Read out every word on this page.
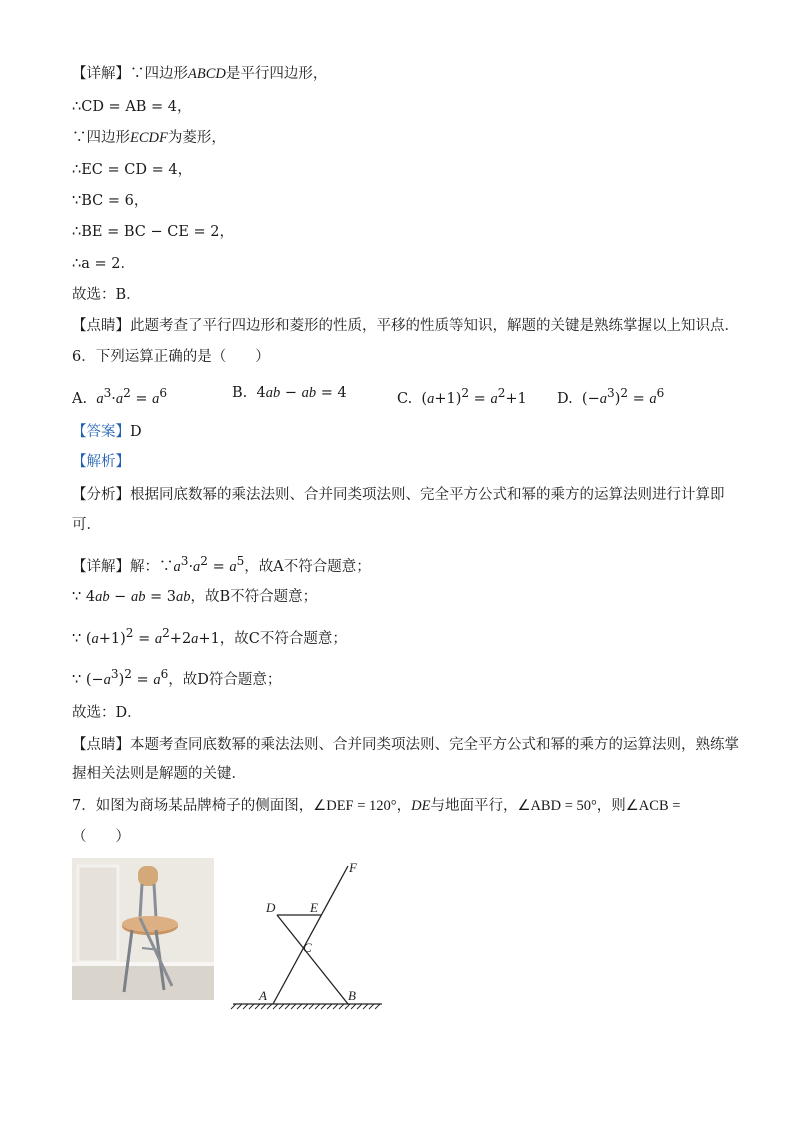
【详解】∵四边形ABCD是平行四边形，
∴CD = AB = 4，
∵四边形ECDF为菱形，
∴EC = CD = 4，
∵BC = 6，
∴BE = BC − CE = 2，
∴a = 2．
故选：B．
【点睛】此题考查了平行四边形和菱形的性质，平移的性质等知识，解题的关键是熟练掌握以上知识点．
6．下列运算正确的是（　　）
A. $a^3\cdot a^2 = a^6$	B.  4ab − ab = 4	C.  $(a+1)^2 = a^2+1$ D.  $(-a^3)^2 = a^6$
【答案】D
【解析】
【分析】根据同底数幂的乘法法则、合并同类项法则、完全平方公式和幂的乘方的运算法则进行计算即
可．
【详解】解：$\because a^3\cdot a^2 = a^5$，故A不符合题意；
∵ 4ab − ab = 3ab，故B不符合题意；
∵ $(a+1)^2 = a^2+2a+1$，故C不符合题意；
∵ $(-a^3)^2 = a^6$，故D符合题意；
故选：D．
【点睛】本题考查同底数幂的乘法法则、合并同类项法则、完全平方公式和幂的乘方的运算法则，熟练掌
握相关法则是解题的关键．
7．如图为商场某品牌椅子的侧面图，∠DEF = 120°，DE与地面平行，∠ABD = 50°，则∠ACB =
（　　）
F
D	E
C
A	B
